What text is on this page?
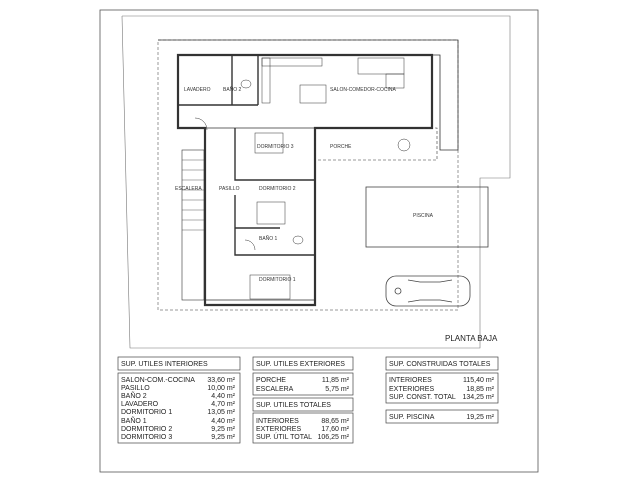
LAVADERO	BAÑO 2	SALON-COMEDOR-COCINA
DORMITORIO 3	PORCHE
ESCALERA	PASILLO	DORMITORIO 2
PISCINA
BAÑO 1
DORMITORIO 1
PLANTA BAJA
SUP. UTILES INTERIORES	SUP. UTILES EXTERIORES
SUP. UTILES TOTALES
SUP. CONSTRUIDAS TOTALES
SUP. PISCINA	19,25 m²
SALON-COM.-COCINA 33,60 m²
PASILLO	10,00 m²
BAÑO 2	4,40 m²
LAVADERO	4,70 m²
DORMITORIO 1	13,05 m²
BAÑO 1	4,40 m²
DORMITORIO 2	9,25 m²
DORMITORIO 3	9,25 m²
PORCHE	11,85 m²
ESCALERA	5,75 m²
INTERIORES	88,65 m²
EXTERIORES	17,60 m²
SUP. ÚTIL TOTAL 106,25 m²
INTERIORES	115,40 m²
EXTERIORES	18,85 m²
SUP. CONST. TOTAL 134,25 m²
